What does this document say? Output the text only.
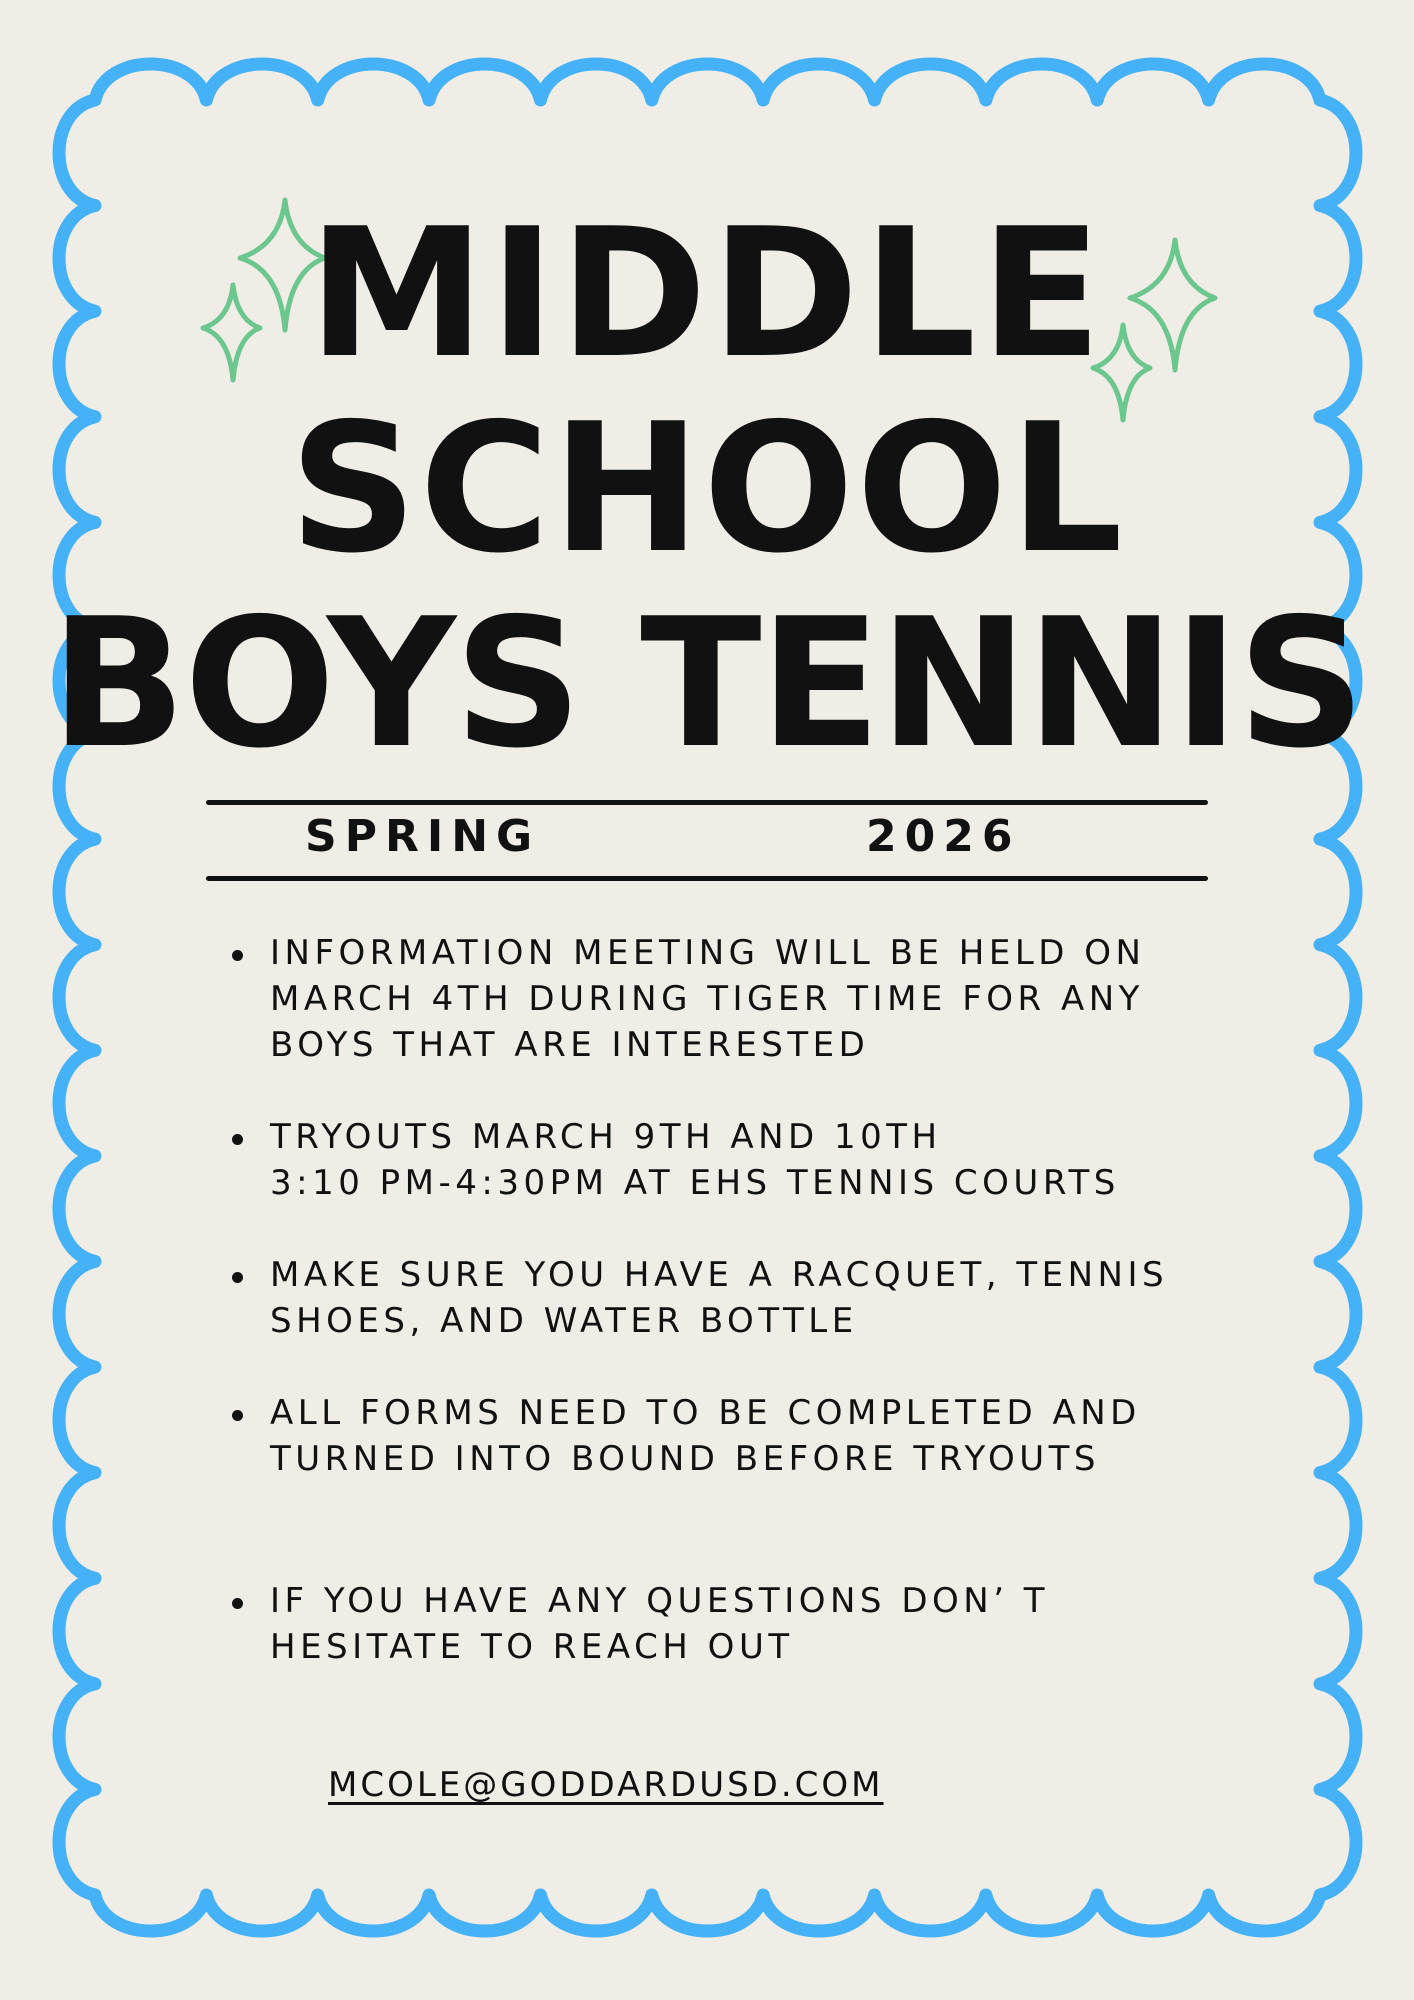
MIDDLE
SCHOOL
BOYS TENNIS
SPRING	2026
INFORMATION MEETING WILL BE HELD ON
MARCH 4TH DURING TIGER TIME FOR ANY
BOYS THAT ARE INTERESTED
TRYOUTS MARCH 9TH AND 10TH
3:10 PM-4:30PM AT EHS TENNIS COURTS
MAKE SURE YOU HAVE A RACQUET, TENNIS
SHOES, AND WATER BOTTLE
ALL FORMS NEED TO BE COMPLETED AND
TURNED INTO BOUND BEFORE TRYOUTS
IF YOU HAVE ANY QUESTIONS DON’ T
HESITATE TO REACH OUT
MCOLE@GODDARDUSD.COM
